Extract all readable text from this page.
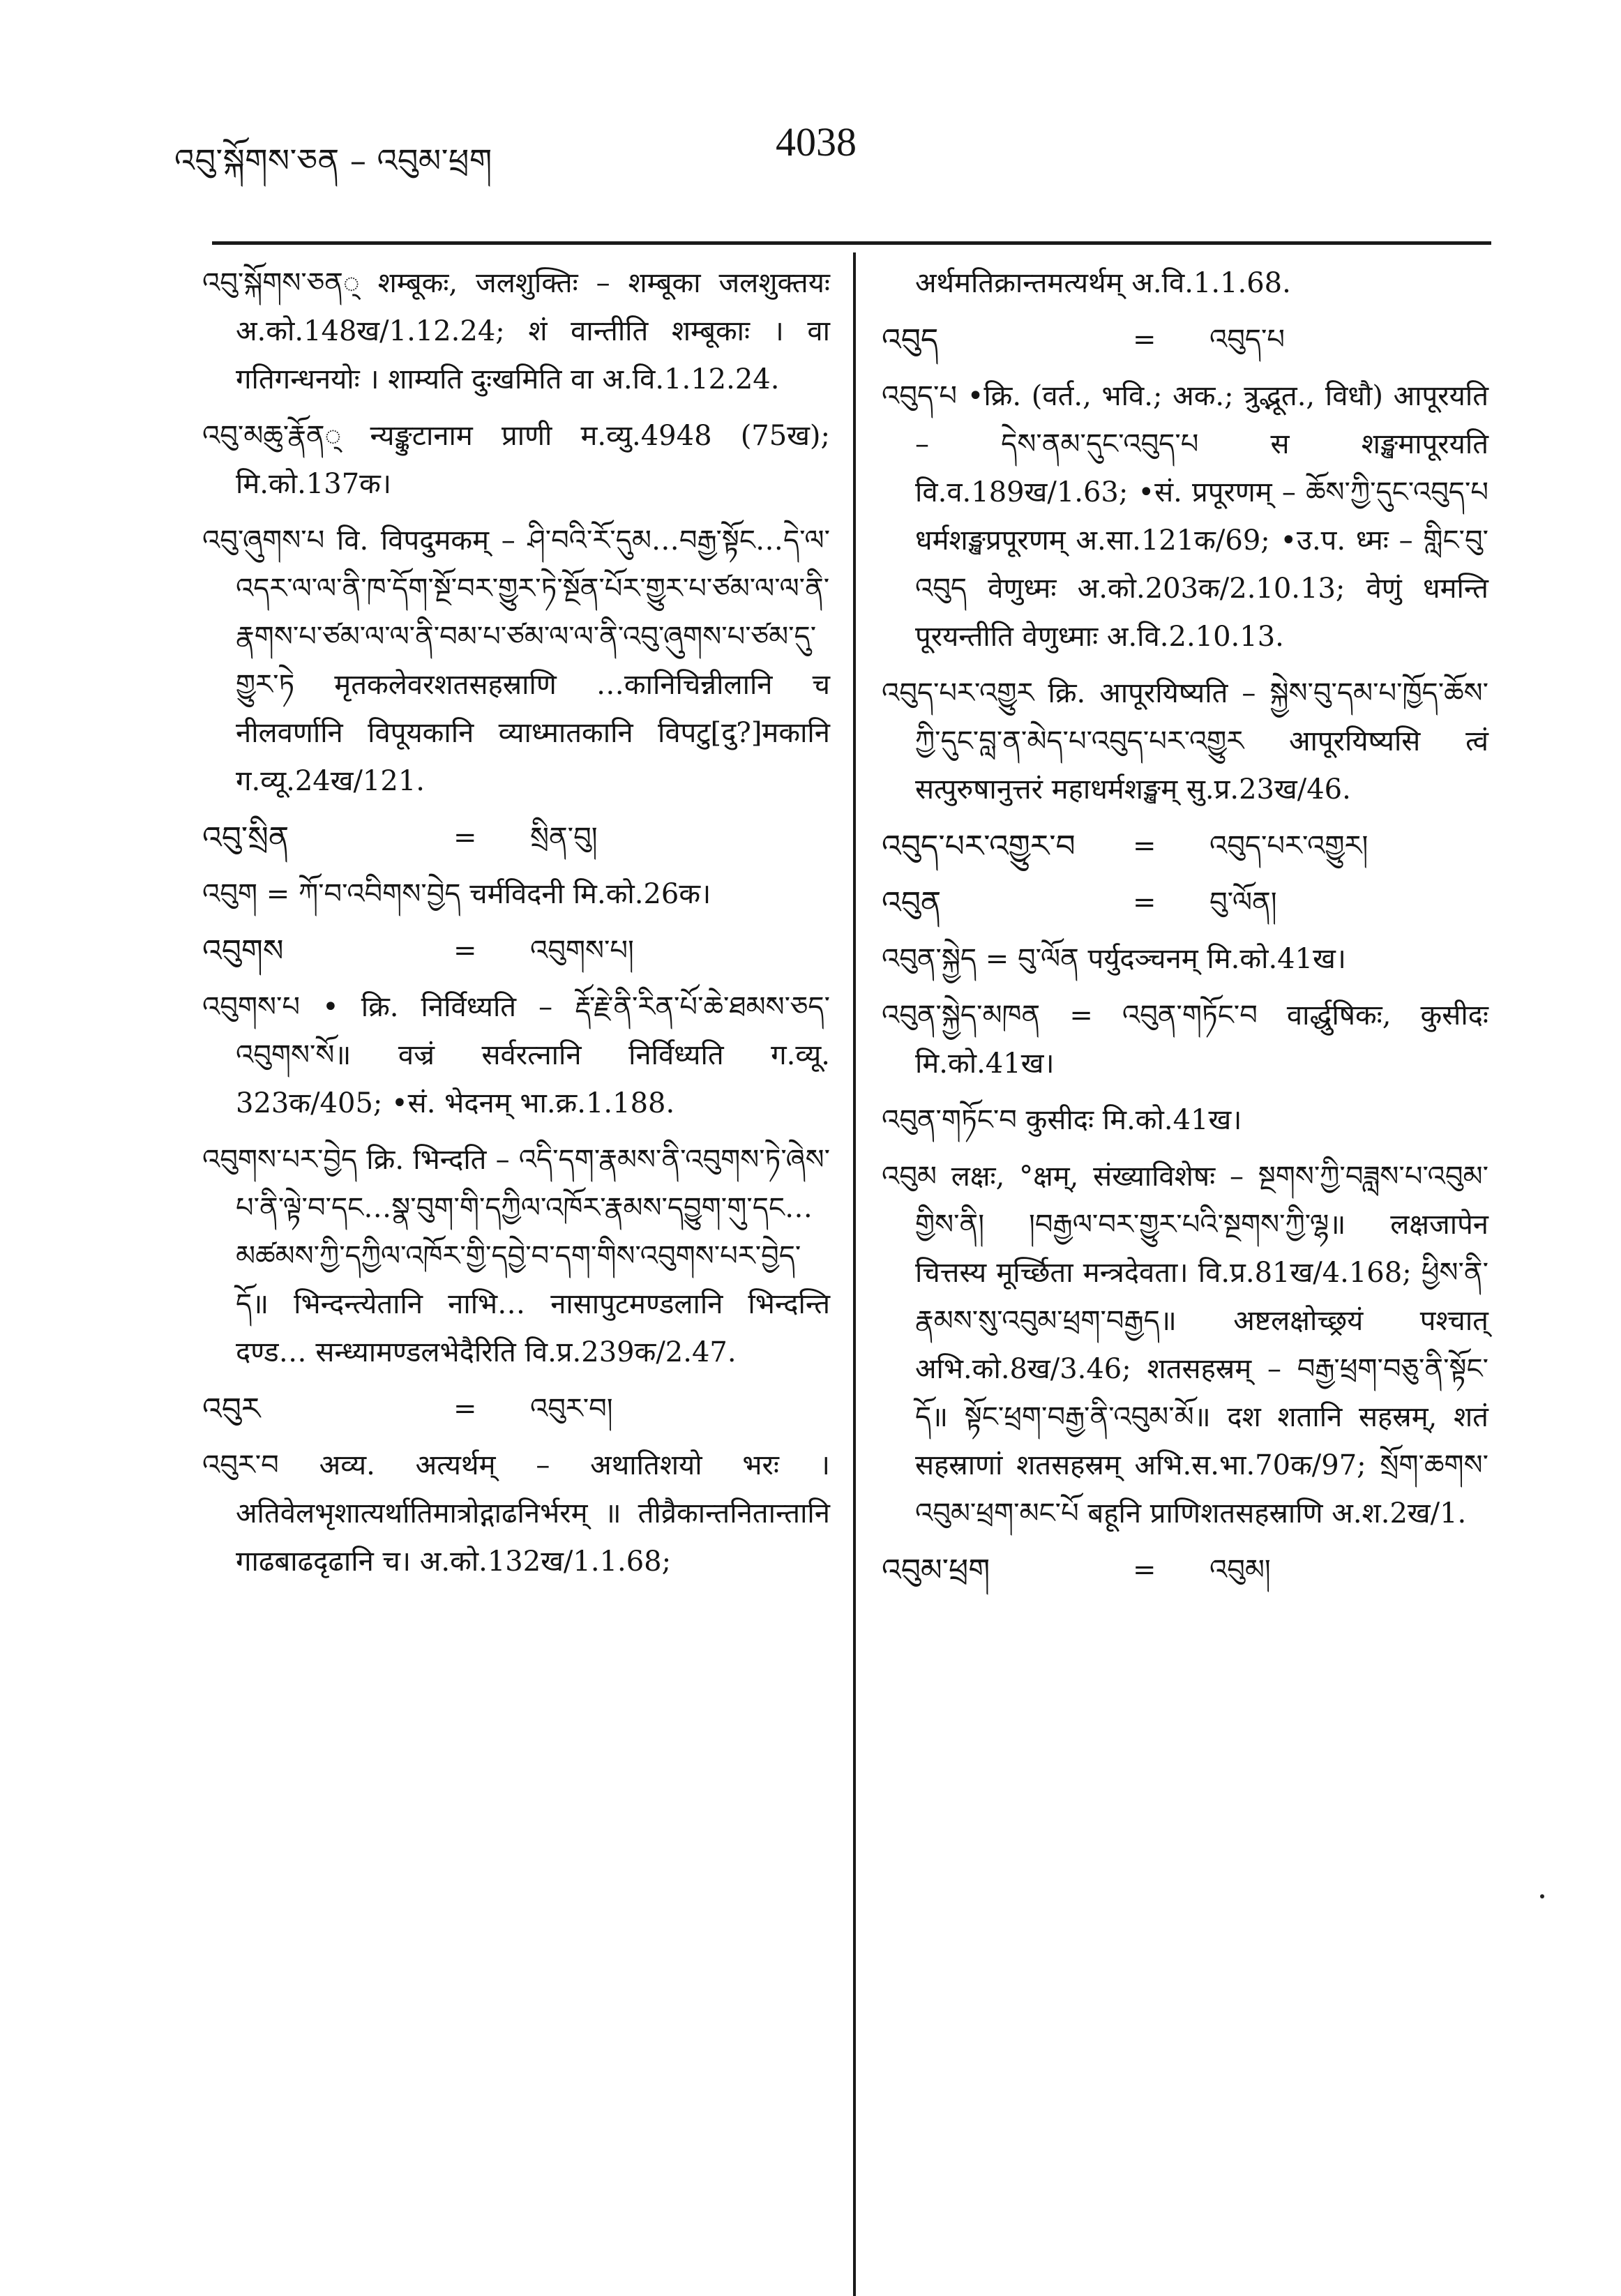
འབུ་སྐོགས་ཅན – འབུམ་ཕྲག	4038

འབུ་སྐོགས་ཅན् शम्बूकः, जलशुक्तिः – शम्बूका जलशुक्तयः अ.को.148ख/1.12.24; शं वान्तीति शम्बूकाः । वा गतिगन्धनयोः । शाम्यति दुःखमिति वा अ.वि.1.12.24.

འབུ་མཆུ་རྣོན् न्यङ्कुटानाम प्राणी म.व्यु.4948 (75ख); मि.को.137क।

འབུ་ཞུགས་པ वि. विपदुमकम् – ཤི་བའི་རོ་དུམ…བརྒྱ་སྟོང…དེ་ལ་འདར་ལ་ལ་ནི་ཁ་དོག་སྔོ་བར་གྱུར་ཏེ་སྔོན་པོར་གྱུར་པ་ཙམ་ལ་ལ་ནི་རྣགས་པ་ཙམ་ལ་ལ་ནི་བམ་པ་ཙམ་ལ་ལ་ནི་འབུ་ཞུགས་པ་ཙམ་དུ་གྱུར་ཏེ मृतकलेवरशतसहस्राणि …कानिचिन्नीलानि च नीलवर्णानि विपूयकानि व्याध्मातकानि विपटु[दु?]मकानि ग.व्यू.24ख/121.

འབུ་སྲིན	=	སྲིན་བུ།

འབུག = ཀོ་བ་འབིགས་བྱེད चर्मविदनी मि.को.26क।

འབུགས	=	འབུགས་པ།

འབུགས་པ • क्रि. निर्विध्यति – རྡོ་རྗེ་ནི་རིན་པོ་ཆེ་ཐམས་ཅད་འབུགས་སོ॥ वज्रं सर्वरत्नानि निर्विध्यति ग.व्यू. 323क/405; •सं. भेदनम् भा.क्र.1.188.

འབུགས་པར་བྱེད क्रि. भिन्दति – འདི་དག་རྣམས་ནི་འབུགས་ཏེ་ཞེས་པ་ནི་ལྟེ་བ་དང…སྣ་བུག་གི་དཀྱིལ་འཁོར་རྣམས་དབྱུག་གུ་དང…མཚམས་ཀྱི་དཀྱིལ་འཁོར་གྱི་དབྱེ་བ་དག་གིས་འབུགས་པར་བྱེད་དོ॥ भिन्दन्त्येतानि नाभि… नासापुटमण्डलानि भिन्दन्ति दण्ड… सन्ध्यामण्डलभेदैरिति वि.प्र.239क/2.47.

འབུར	=	འབུར་བ།

འབུར་བ अव्य. अत्यर्थम् – अथातिशयो भरः । अतिवेलभृशात्यर्थातिमात्रोद्गाढनिर्भरम् ॥ तीव्रैकान्तनितान्तानि गाढबाढदृढानि च। अ.को.132ख/1.1.68;

अर्थमतिक्रान्तमत्यर्थम् अ.वि.1.1.68.

འབུད	=	འབུད་པ

འབུད་པ •क्रि. (वर्त., भवि.; अक.; त्रुद्भूत., विधौ) आपूरयति – དེས་ནམ་དུང་འབུད་པ स शङ्खमापूरयति वि.व.189ख/1.63; •सं. प्रपूरणम् – ཆོས་ཀྱི་དུང་འབུད་པ धर्मशङ्खप्रपूरणम् अ.सा.121क/69; •उ.प. ध्मः – གླིང་བུ་འབུད वेणुध्मः अ.को.203क/2.10.13; वेणुं धमन्ति पूरयन्तीति वेणुध्माः अ.वि.2.10.13.

འབུད་པར་འགྱུར क्रि. आपूरयिष्यति – སྐྱེས་བུ་དམ་པ་ཁྱོད་ཆོས་ཀྱི་དུང་བླ་ན་མེད་པ་འབུད་པར་འགྱུར आपूरयिष्यसि त्वं सत्पुरुषानुत्तरं महाधर्मशङ्खम् सु.प्र.23ख/46.

འབུད་པར་འགྱུར་བ	=	འབུད་པར་འགྱུར།
འབུན	=	བུ་ལོན།

འབུན་སྐྱེད = བུ་ལོན पर्युदञ्चनम् मि.को.41ख।

འབུན་སྐྱེད་མཁན = འབུན་གཏོང་བ वार्द्धुषिकः, कुसीदः मि.को.41ख।

འབུན་གཏོང་བ कुसीदः मि.को.41ख।

འབུམ लक्षः, °क्षम्, संख्याविशेषः – སྔགས་ཀྱི་བཟླས་པ་འབུམ་གྱིས་ནི། །བརྒྱལ་བར་གྱུར་པའི་སྔགས་ཀྱི་ལྷ॥ लक्षजापेन चित्तस्य मूर्च्छिता मन्त्रदेवता। वि.प्र.81ख/4.168; ཕྱིས་ནི་རྣམས་སུ་འབུམ་ཕྲག་བརྒྱད॥ अष्टलक्षोच्छ्रयं पश्चात् अभि.को.8ख/3.46; शतसहस्रम् – བརྒྱ་ཕྲག་བཅུ་ནི་སྟོང་དོ॥ སྟོང་ཕྲག་བརྒྱ་ནི་འབུམ་མོ॥ दश शतानि सहस्रम्, शतं सहस्राणां शतसहस्रम् अभि.स.भा.70क/97; སྲོག་ཆགས་འབུམ་ཕྲག་མང་པོ बहूनि प्राणिशतसहस्राणि अ.श.2ख/1.

འབུམ་ཕྲག	=	འབུམ།
